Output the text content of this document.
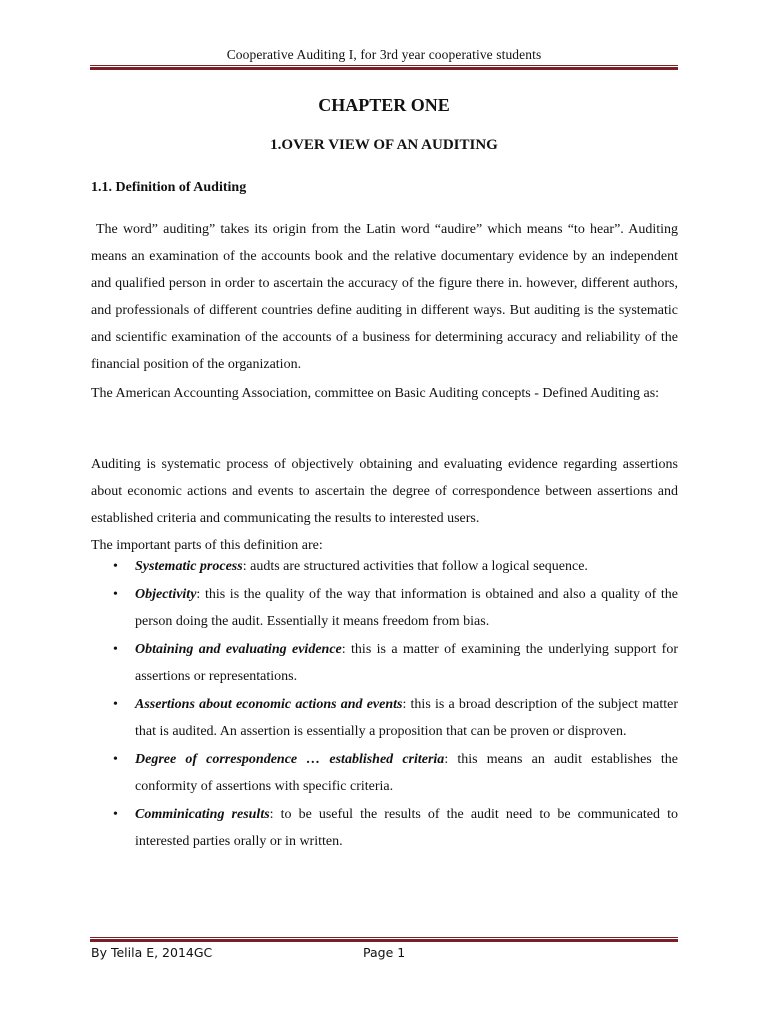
Cooperative Auditing I, for 3rd year cooperative students
CHAPTER ONE
1.OVER VIEW OF AN AUDITING
1.1. Definition of Auditing

The word” auditing” takes its origin from the Latin word “audire” which means “to hear”. Auditing means an examination of the accounts book and the relative documentary evidence by an independent and qualified person in order to ascertain the accuracy of the figure there in. however, different authors, and professionals of different countries define auditing in different ways. But auditing is the systematic and scientific examination of the accounts of a business for determining accuracy and reliability of the financial position of the organization.

The American Accounting Association, committee on Basic Auditing concepts - Defined Auditing as:

Auditing is systematic process of objectively obtaining and evaluating evidence regarding assertions about economic actions and events to ascertain the degree of correspondence between assertions and established criteria and communicating the results to interested users.

The important parts of this definition are:
• Systematic process: audts are structured activities that follow a logical sequence.
• Objectivity: this is the quality of the way that information is obtained and also a quality of the person doing the audit. Essentially it means freedom from bias.
• Obtaining and evaluating evidence: this is a matter of examining the underlying support for assertions or representations.
• Assertions about economic actions and events: this is a broad description of the subject matter that is audited. An assertion is essentially a proposition that can be proven or disproven.
• Degree of correspondence … established criteria: this means an audit establishes the conformity of assertions with specific criteria.
• Comminicating results: to be useful the results of the audit need to be communicated to interested parties orally or in written.
By Telila E, 2014GC	Page 1
